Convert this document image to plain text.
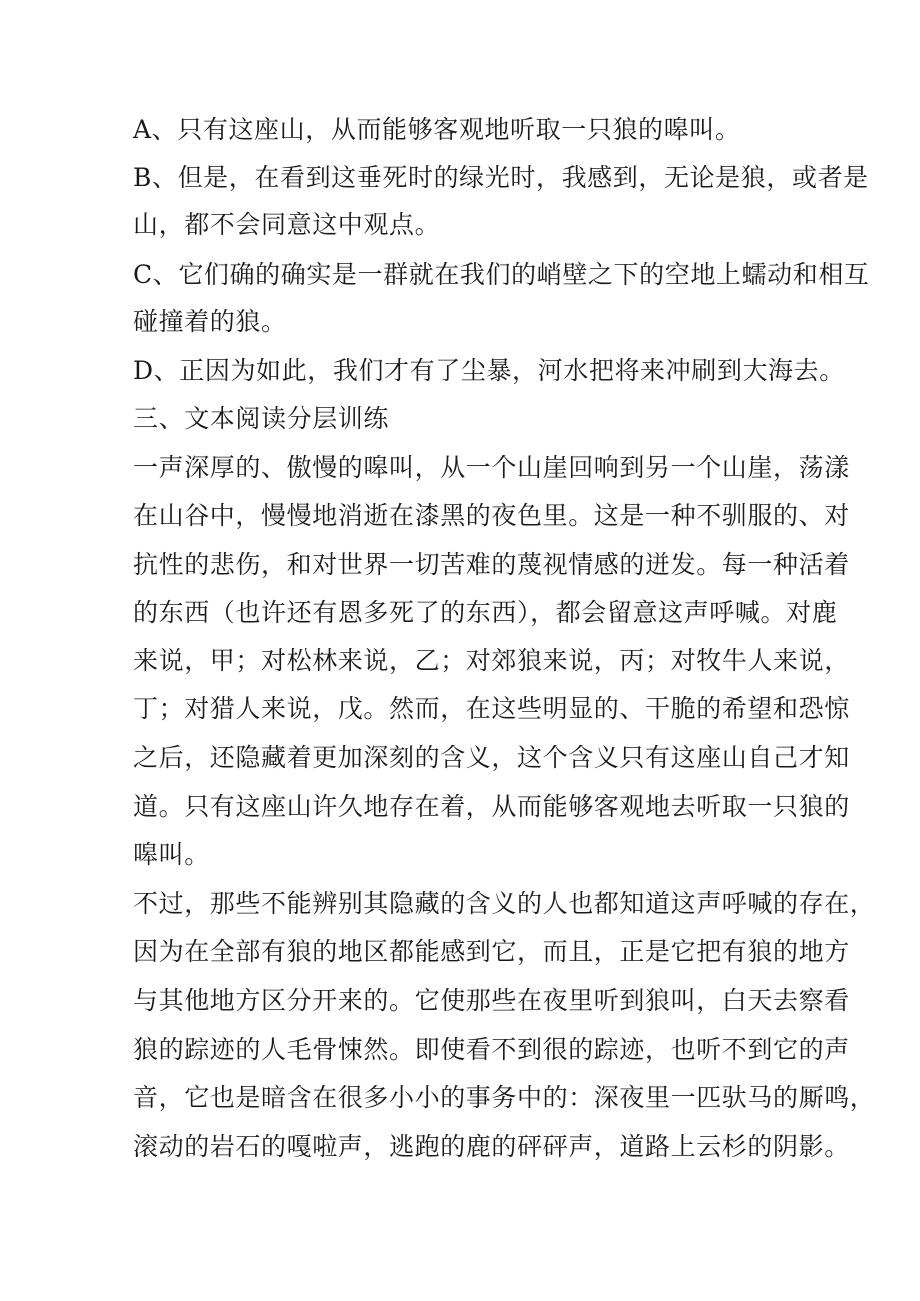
A、只有这座山，从而能够客观地听取一只狼的嗥叫。
B、但是，在看到这垂死时的绿光时，我感到，无论是狼，或者是
山，都不会同意这中观点。
C、它们确的确实是一群就在我们的峭壁之下的空地上蠕动和相互
碰撞着的狼。
D、正因为如此，我们才有了尘暴，河水把将来冲刷到大海去。
三、文本阅读分层训练
一声深厚的、傲慢的嗥叫，从一个山崖回响到另一个山崖，荡漾
在山谷中，慢慢地消逝在漆黑的夜色里。这是一种不驯服的、对
抗性的悲伤，和对世界一切苦难的蔑视情感的迸发。每一种活着
的东西（也许还有恩多死了的东西），都会留意这声呼喊。对鹿
来说，甲；对松林来说，乙；对郊狼来说，丙；对牧牛人来说，
丁；对猎人来说，戊。然而，在这些明显的、干脆的希望和恐惊
之后，还隐藏着更加深刻的含义，这个含义只有这座山自己才知
道。只有这座山许久地存在着，从而能够客观地去听取一只狼的
嗥叫。
不过，那些不能辨别其隐藏的含义的人也都知道这声呼喊的存在，
因为在全部有狼的地区都能感到它，而且，正是它把有狼的地方
与其他地方区分开来的。它使那些在夜里听到狼叫，白天去察看
狼的踪迹的人毛骨悚然。即使看不到很的踪迹，也听不到它的声
音，它也是暗含在很多小小的事务中的：深夜里一匹驮马的厮鸣，
滚动的岩石的嘎啦声，逃跑的鹿的砰砰声，道路上云杉的阴影。
